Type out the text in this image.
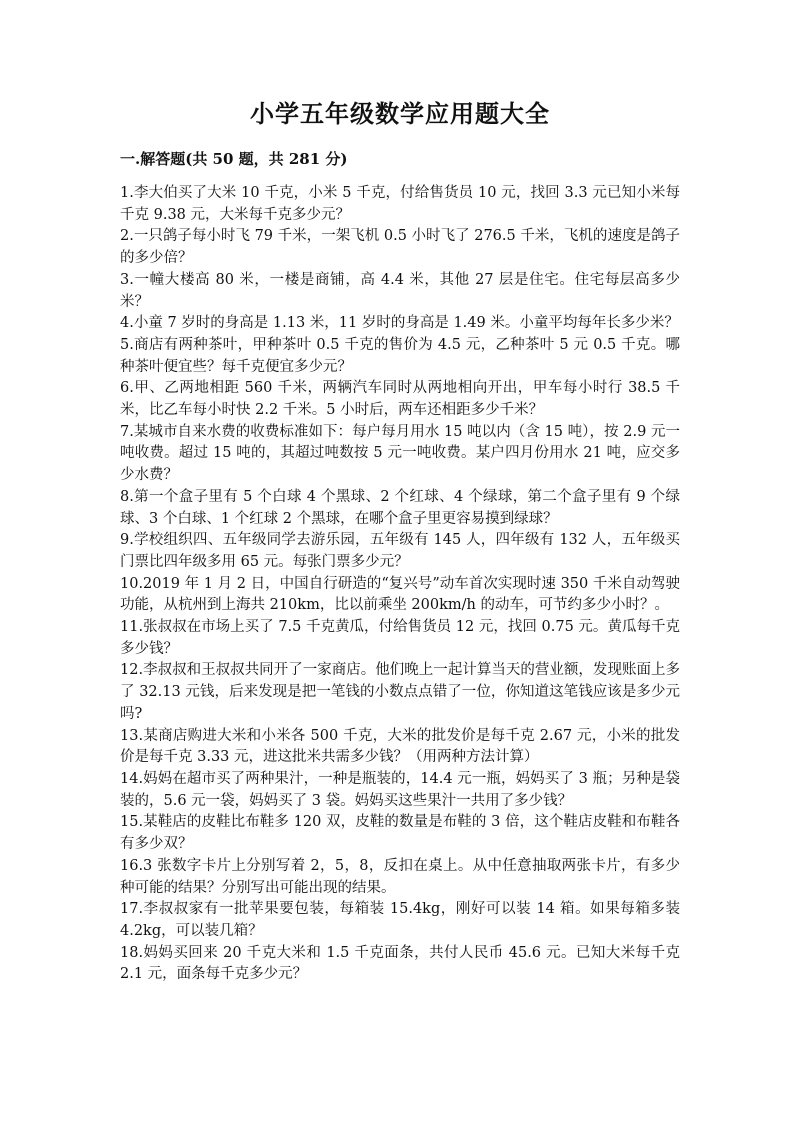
小学五年级数学应用题大全
一.解答题(共 50 题，共 281 分)
1.李大伯买了大米 10 千克，小米 5 千克，付给售货员 10 元，找回 3.3 元已知小米每千克 9.38 元，大米每千克多少元？
2.一只鸽子每小时飞 79 千米，一架飞机 0.5 小时飞了 276.5 千米，飞机的速度是鸽子的多少倍？
3.一幢大楼高 80 米，一楼是商铺，高 4.4 米，其他 27 层是住宅。住宅每层高多少米？
4.小童 7 岁时的身高是 1.13 米，11 岁时的身高是 1.49 米。小童平均每年长多少米？
5.商店有两种茶叶，甲种茶叶 0.5 千克的售价为 4.5 元，乙种茶叶 5 元 0.5 千克。哪种茶叶便宜些？每千克便宜多少元？
6.甲、乙两地相距 560 千米，两辆汽车同时从两地相向开出，甲车每小时行 38.5 千米，比乙车每小时快 2.2 千米。5 小时后，两车还相距多少千米？
7.某城市自来水费的收费标准如下：每户每月用水 15 吨以内（含 15 吨），按 2.9 元一吨收费。超过 15 吨的，其超过吨数按 5 元一吨收费。某户四月份用水 21 吨，应交多少水费？
8.第一个盒子里有 5 个白球 4 个黑球、2 个红球、4 个绿球，第二个盒子里有 9 个绿球、3 个白球、1 个红球 2 个黑球，在哪个盒子里更容易摸到绿球？
9.学校组织四、五年级同学去游乐园，五年级有 145 人，四年级有 132 人，五年级买门票比四年级多用 65 元。每张门票多少元？
10.2019 年 1 月 2 日，中国自行研造的“复兴号”动车首次实现时速 350 千米自动驾驶功能，从杭州到上海共 210km，比以前乘坐 200km/h 的动车，可节约多少小时？。
11.张叔叔在市场上买了 7.5 千克黄瓜，付给售货员 12 元，找回 0.75 元。黄瓜每千克多少钱？
12.李叔叔和王叔叔共同开了一家商店。他们晚上一起计算当天的营业额，发现账面上多了 32.13 元钱，后来发现是把一笔钱的小数点点错了一位，你知道这笔钱应该是多少元吗?
13.某商店购进大米和小米各 500 千克，大米的批发价是每千克 2.67 元，小米的批发价是每千克 3.33 元，进这批米共需多少钱？（用两种方法计算）
14.妈妈在超市买了两种果汁，一种是瓶装的，14.4 元一瓶，妈妈买了 3 瓶；另种是袋装的，5.6 元一袋，妈妈买了 3 袋。妈妈买这些果汁一共用了多少钱？
15.某鞋店的皮鞋比布鞋多 120 双，皮鞋的数量是布鞋的 3 倍，这个鞋店皮鞋和布鞋各有多少双？
16.3 张数字卡片上分别写着 2，5，8，反扣在桌上。从中任意抽取两张卡片，有多少种可能的结果？分别写出可能出现的结果。
17.李叔叔家有一批苹果要包装，每箱装 15.4kg，刚好可以装 14 箱。如果每箱多装 4.2kg，可以装几箱？
18.妈妈买回来 20 千克大米和 1.5 千克面条，共付人民币 45.6 元。已知大米每千克 2.1 元，面条每千克多少元？
